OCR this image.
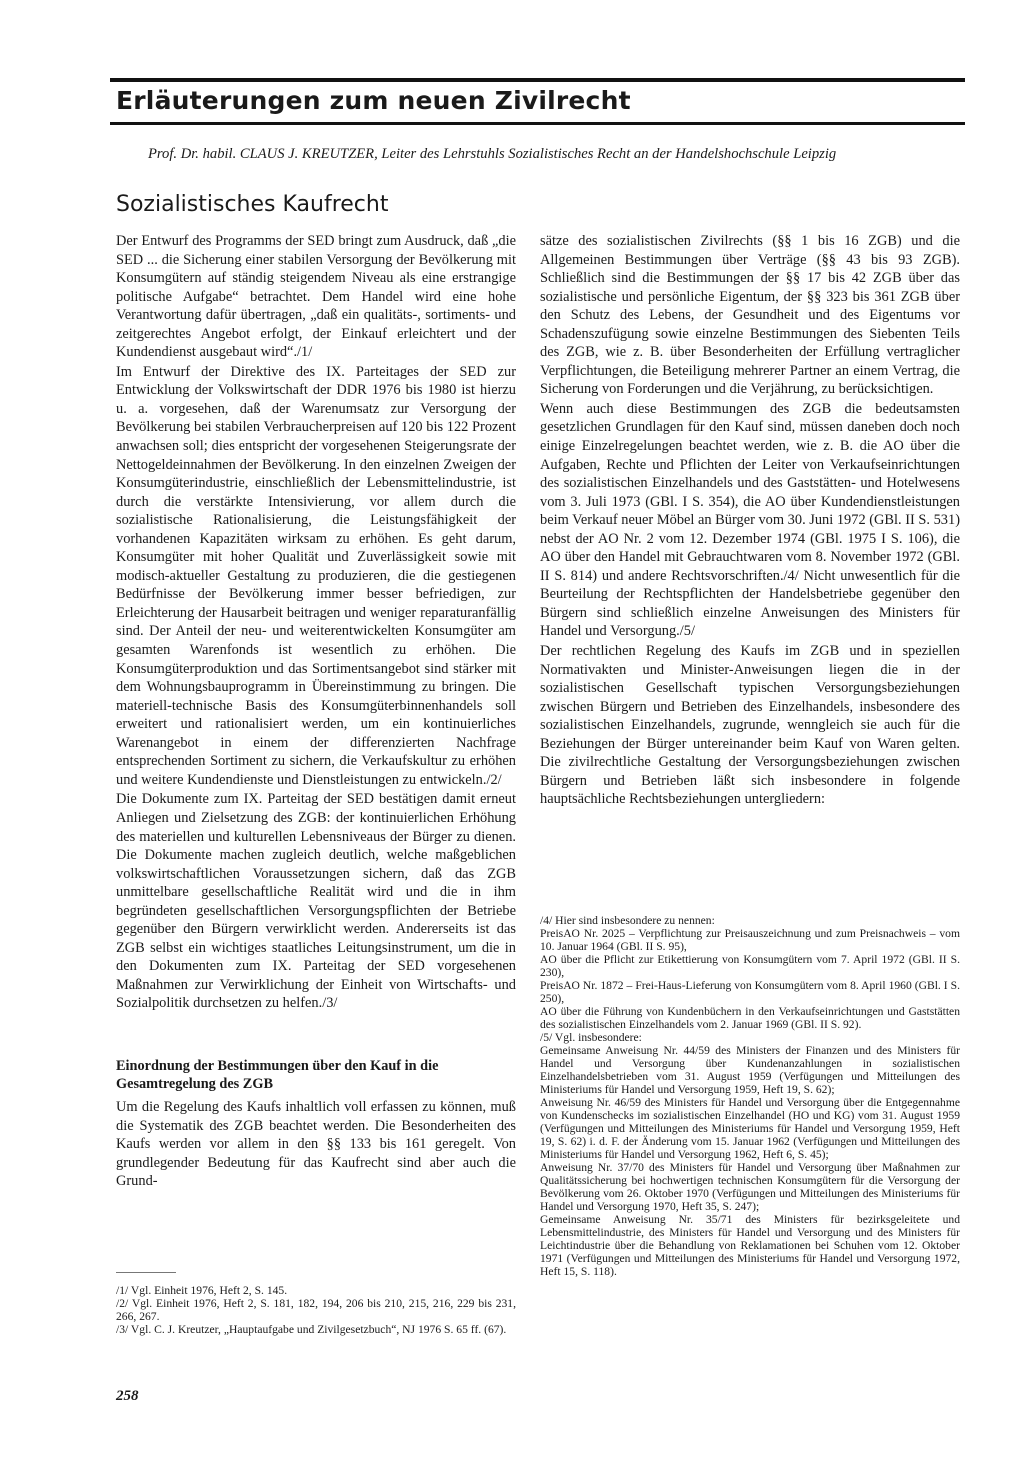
Erläuterungen zum neuen Zivilrecht

Prof. Dr. habil. CLAUS J. KREUTZER, Leiter des Lehrstuhls Sozialistisches Recht an der Handelshochschule Leipzig

Sozialistisches Kaufrecht

Der Entwurf des Programms der SED bringt zum Ausdruck, daß „die SED ... die Sicherung einer stabilen Versorgung der Bevölkerung mit Konsumgütern auf ständig steigendem Niveau als eine erstrangige politische Aufgabe“ betrachtet. Dem Handel wird eine hohe Verantwortung dafür übertragen, „daß ein qualitäts-, sortiments- und zeitgerechtes Angebot erfolgt, der Einkauf erleichtert und der Kundendienst ausgebaut wird“./1/

Im Entwurf der Direktive des IX. Parteitages der SED zur Entwicklung der Volkswirtschaft der DDR 1976 bis 1980 ist hierzu u. a. vorgesehen, daß der Warenumsatz zur Versorgung der Bevölkerung bei stabilen Verbraucherpreisen auf 120 bis 122 Prozent anwachsen soll; dies entspricht der vorgesehenen Steigerungsrate der Nettogeldeinnahmen der Bevölkerung. In den einzelnen Zweigen der Konsumgüterindustrie, einschließlich der Lebensmittelindustrie, ist durch die verstärkte Intensivierung, vor allem durch die sozialistische Rationalisierung, die Leistungsfähigkeit der vorhandenen Kapazitäten wirksam zu erhöhen. Es geht darum, Konsumgüter mit hoher Qualität und Zuverlässigkeit sowie mit modisch-aktueller Gestaltung zu produzieren, die die gestiegenen Bedürfnisse der Bevölkerung immer besser befriedigen, zur Erleichterung der Hausarbeit beitragen und weniger reparaturanfällig sind. Der Anteil der neu- und weiterentwickelten Konsumgüter am gesamten Warenfonds ist wesentlich zu erhöhen. Die Konsumgüterproduktion und das Sortimentsangebot sind stärker mit dem Wohnungsbauprogramm in Übereinstimmung zu bringen. Die materiell-technische Basis des Konsumgüterbinnenhandels soll erweitert und rationalisiert werden, um ein kontinuierliches Warenangebot in einem der differenzierten Nachfrage entsprechenden Sortiment zu sichern, die Verkaufskultur zu erhöhen und weitere Kundendienste und Dienstleistungen zu entwickeln./2/

Die Dokumente zum IX. Parteitag der SED bestätigen damit erneut Anliegen und Zielsetzung des ZGB: der kontinuierlichen Erhöhung des materiellen und kulturellen Lebensniveaus der Bürger zu dienen. Die Dokumente machen zugleich deutlich, welche maßgeblichen volkswirtschaftlichen Voraussetzungen sichern, daß das ZGB unmittelbare gesellschaftliche Realität wird und die in ihm begründeten gesellschaftlichen Versorgungspflichten der Betriebe gegenüber den Bürgern verwirklicht werden. Andererseits ist das ZGB selbst ein wichtiges staatliches Leitungsinstrument, um die in den Dokumenten zum IX. Parteitag der SED vorgesehenen Maßnahmen zur Verwirklichung der Einheit von Wirtschafts- und Sozialpolitik durchsetzen zu helfen./3/

Einordnung der Bestimmungen über den Kauf in die Gesamtregelung des ZGB

Um die Regelung des Kaufs inhaltlich voll erfassen zu können, muß die Systematik des ZGB beachtet werden. Die Besonderheiten des Kaufs werden vor allem in den §§ 133 bis 161 geregelt. Von grundlegender Bedeutung für das Kaufrecht sind aber auch die Grund-

sätze des sozialistischen Zivilrechts (§§ 1 bis 16 ZGB) und die Allgemeinen Bestimmungen über Verträge (§§ 43 bis 93 ZGB). Schließlich sind die Bestimmungen der §§ 17 bis 42 ZGB über das sozialistische und persönliche Eigentum, der §§ 323 bis 361 ZGB über den Schutz des Lebens, der Gesundheit und des Eigentums vor Schadenszufügung sowie einzelne Bestimmungen des Siebenten Teils des ZGB, wie z. B. über Besonderheiten der Erfüllung vertraglicher Verpflichtungen, die Beteiligung mehrerer Partner an einem Vertrag, die Sicherung von Forderungen und die Verjährung, zu berücksichtigen.

Wenn auch diese Bestimmungen des ZGB die bedeutsamsten gesetzlichen Grundlagen für den Kauf sind, müssen daneben doch noch einige Einzelregelungen beachtet werden, wie z. B. die AO über die Aufgaben, Rechte und Pflichten der Leiter von Verkaufseinrichtungen des sozialistischen Einzelhandels und des Gaststätten- und Hotelwesens vom 3. Juli 1973 (GBl. I S. 354), die AO über Kundendienstleistungen beim Verkauf neuer Möbel an Bürger vom 30. Juni 1972 (GBl. II S. 531) nebst der AO Nr. 2 vom 12. Dezember 1974 (GBl. 1975 I S. 106), die AO über den Handel mit Gebrauchtwaren vom 8. November 1972 (GBl. II S. 814) und andere Rechtsvorschriften./4/ Nicht unwesentlich für die Beurteilung der Rechtspflichten der Handelsbetriebe gegenüber den Bürgern sind schließlich einzelne Anweisungen des Ministers für Handel und Versorgung./5/

Der rechtlichen Regelung des Kaufs im ZGB und in speziellen Normativakten und Minister-Anweisungen liegen die in der sozialistischen Gesellschaft typischen Versorgungsbeziehungen zwischen Bürgern und Betrieben des Einzelhandels, insbesondere des sozialistischen Einzelhandels, zugrunde, wenngleich sie auch für die Beziehungen der Bürger untereinander beim Kauf von Waren gelten. Die zivilrechtliche Gestaltung der Versorgungsbeziehungen zwischen Bürgern und Betrieben läßt sich insbesondere in folgende hauptsächliche Rechtsbeziehungen untergliedern:

/1/ Vgl. Einheit 1976, Heft 2, S. 145.

/2/ Vgl. Einheit 1976, Heft 2, S. 181, 182, 194, 206 bis 210, 215, 216, 229 bis 231, 266, 267.

/3/ Vgl. C. J. Kreutzer, „Hauptaufgabe und Zivilgesetzbuch“, NJ 1976 S. 65 ff. (67).

/4/ Hier sind insbesondere zu nennen:

PreisAO Nr. 2025 – Verpflichtung zur Preisauszeichnung und zum Preisnachweis – vom 10. Januar 1964 (GBl. II S. 95),

AO über die Pflicht zur Etikettierung von Konsumgütern vom 7. April 1972 (GBl. II S. 230),

PreisAO Nr. 1872 – Frei-Haus-Lieferung von Konsumgütern vom 8. April 1960 (GBl. I S. 250),

AO über die Führung von Kundenbüchern in den Verkaufseinrichtungen und Gaststätten des sozialistischen Einzelhandels vom 2. Januar 1969 (GBl. II S. 92).

/5/ Vgl. insbesondere:

Gemeinsame Anweisung Nr. 44/59 des Ministers der Finanzen und des Ministers für Handel und Versorgung über Kundenanzahlungen in sozialistischen Einzelhandelsbetrieben vom 31. August 1959 (Verfügungen und Mitteilungen des Ministeriums für Handel und Versorgung 1959, Heft 19, S. 62);

Anweisung Nr. 46/59 des Ministers für Handel und Versorgung über die Entgegennahme von Kundenschecks im sozialistischen Einzelhandel (HO und KG) vom 31. August 1959 (Verfügungen und Mitteilungen des Ministeriums für Handel und Versorgung 1959, Heft 19, S. 62) i. d. F. der Änderung vom 15. Januar 1962 (Verfügungen und Mitteilungen des Ministeriums für Handel und Versorgung 1962, Heft 6, S. 45);

Anweisung Nr. 37/70 des Ministers für Handel und Versorgung über Maßnahmen zur Qualitätssicherung bei hochwertigen technischen Konsumgütern für die Versorgung der Bevölkerung vom 26. Oktober 1970 (Verfügungen und Mitteilungen des Ministeriums für Handel und Versorgung 1970, Heft 35, S. 247);

Gemeinsame Anweisung Nr. 35/71 des Ministers für bezirksgeleitete und Lebensmittelindustrie, des Ministers für Handel und Versorgung und des Ministers für Leichtindustrie über die Behandlung von Reklamationen bei Schuhen vom 12. Oktober 1971 (Verfügungen und Mitteilungen des Ministeriums für Handel und Versorgung 1972, Heft 15, S. 118).

258
